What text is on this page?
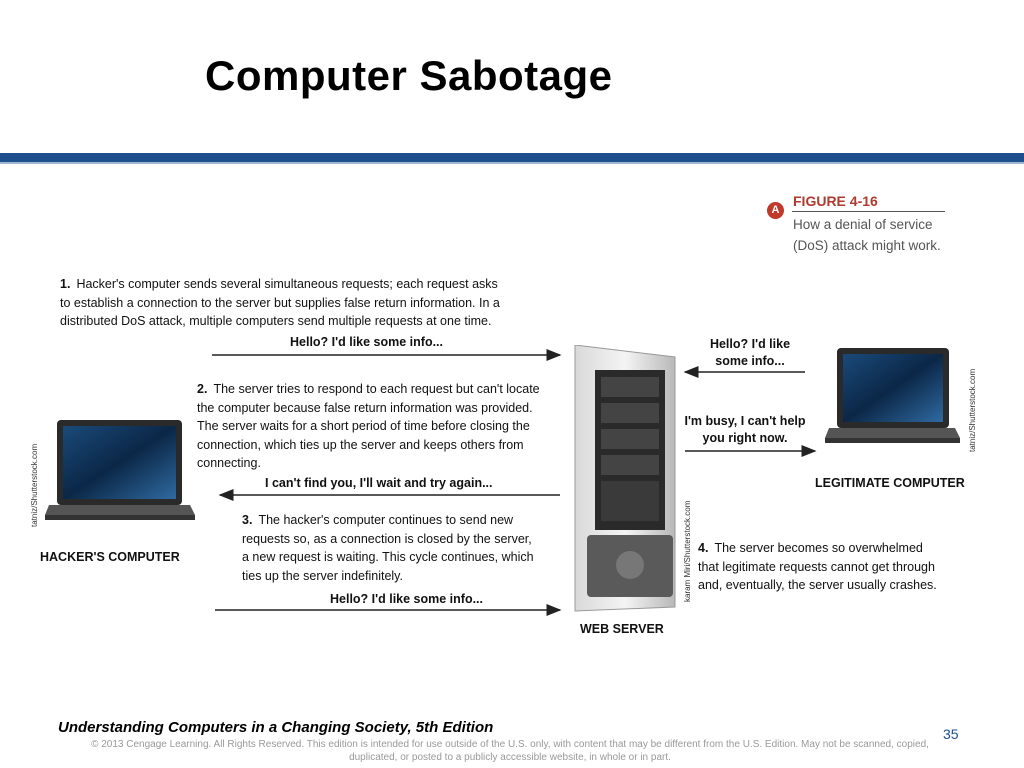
Computer Sabotage
A
FIGURE 4-16
How a denial of service (DoS) attack might work.
1. Hacker's computer sends several simultaneous requests; each request asks to establish a connection to the server but supplies false return information. In a distributed DoS attack, multiple computers send multiple requests at one time.
2. The server tries to respond to each request but can't locate the computer because false return information was provided. The server waits for a short period of time before closing the connection, which ties up the server and keeps others from connecting.
3. The hacker's computer continues to send new requests so, as a connection is closed by the server, a new request is waiting. This cycle continues, which ties up the server indefinitely.
4. The server becomes so overwhelmed that legitimate requests cannot get through and, eventually, the server usually crashes.
Hello? I'd like some info...
I can't find you, I'll wait and try again...
Hello? I'd like some info...
Hello? I'd like some info...
I'm busy, I can't help you right now.
HACKER'S COMPUTER
tatniz/Shutterstock.com
WEB SERVER
karam Miri/Shutterstock.com
LEGITIMATE COMPUTER
tatniz/Shutterstock.com
Understanding Computers in a Changing Society, 5th Edition
© 2013 Cengage Learning. All Rights Reserved. This edition is intended for use outside of the U.S. only, with content that may be different from the U.S. Edition. May not be scanned, copied, duplicated, or posted to a publicly accessible website, in whole or in part.
35
